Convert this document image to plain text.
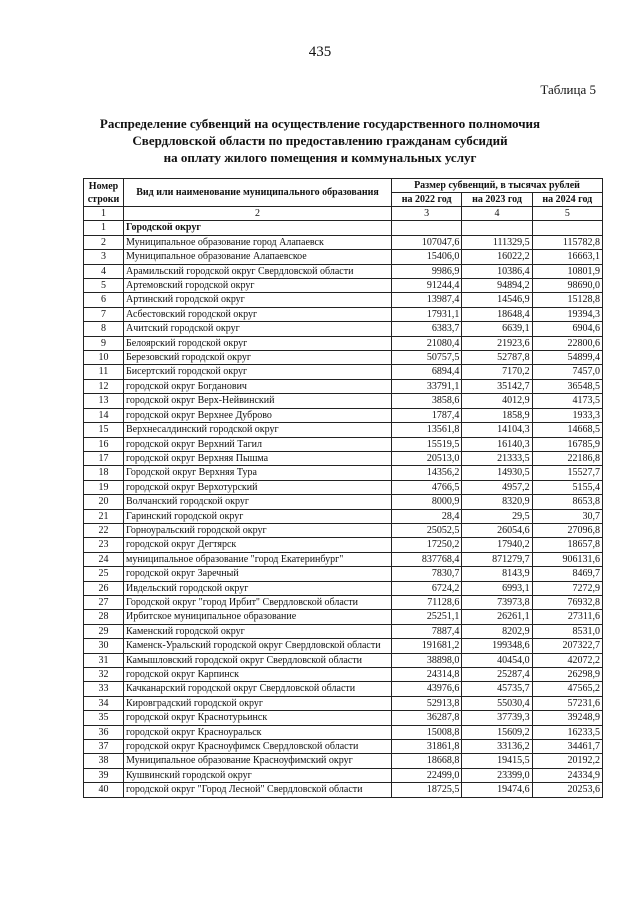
435
Таблица 5
Распределение субвенций на осуществление государственного полномочия
Свердловской области по предоставлению гражданам субсидий
на оплату жилого помещения и коммунальных услуг
Номер строки	Вид или наименование муниципального образования	Размер субвенций, в тысячах рублей		
		на 2022 год	на 2023 год	на 2024 год
1	2	3	4	5
1	Городской округ			
2	Муниципальное образование город Алапаевск	107047,6	111329,5	115782,8
3	Муниципальное образование Алапаевское	15406,0	16022,2	16663,1
4	Арамильский городской округ Свердловской области	9986,9	10386,4	10801,9
5	Артемовский городской округ	91244,4	94894,2	98690,0
6	Артинский городской округ	13987,4	14546,9	15128,8
7	Асбестовский городской округ	17931,1	18648,4	19394,3
8	Ачитский городской округ	6383,7	6639,1	6904,6
9	Белоярский городской округ	21080,4	21923,6	22800,6
10	Березовский городской округ	50757,5	52787,8	54899,4
11	Бисертский городской округ	6894,4	7170,2	7457,0
12	городской округ Богданович	33791,1	35142,7	36548,5
13	городской округ Верх-Нейвинский	3858,6	4012,9	4173,5
14	городской округ Верхнее Дуброво	1787,4	1858,9	1933,3
15	Верхнесалдинский городской округ	13561,8	14104,3	14668,5
16	городской округ Верхний Тагил	15519,5	16140,3	16785,9
17	городской округ Верхняя Пышма	20513,0	21333,5	22186,8
18	Городской округ Верхняя Тура	14356,2	14930,5	15527,7
19	городской округ Верхотурский	4766,5	4957,2	5155,4
20	Волчанский городской округ	8000,9	8320,9	8653,8
21	Гаринский городской округ	28,4	29,5	30,7
22	Горноуральский городской округ	25052,5	26054,6	27096,8
23	городской округ Дегтярск	17250,2	17940,2	18657,8
24	муниципальное образование "город Екатеринбург"	837768,4	871279,7	906131,6
25	городской округ Заречный	7830,7	8143,9	8469,7
26	Ивдельский городской округ	6724,2	6993,1	7272,9
27	Городской округ "город Ирбит" Свердловской области	71128,6	73973,8	76932,8
28	Ирбитское муниципальное образование	25251,1	26261,1	27311,6
29	Каменский городской округ	7887,4	8202,9	8531,0
30	Каменск-Уральский городской округ Свердловской области	191681,2	199348,6	207322,7
31	Камышловский городской округ Свердловской области	38898,0	40454,0	42072,2
32	городской округ Карпинск	24314,8	25287,4	26298,9
33	Качканарский городской округ Свердловской области	43976,6	45735,7	47565,2
34	Кировградский городской округ	52913,8	55030,4	57231,6
35	городской округ Краснотурьинск	36287,8	37739,3	39248,9
36	городской округ Красноуральск	15008,8	15609,2	16233,5
37	городской округ Красноуфимск Свердловской области	31861,8	33136,2	34461,7
38	Муниципальное образование Красноуфимский округ	18668,8	19415,5	20192,2
39	Кушвинский городской округ	22499,0	23399,0	24334,9
40	городской округ "Город Лесной" Свердловской области	18725,5	19474,6	20253,6
